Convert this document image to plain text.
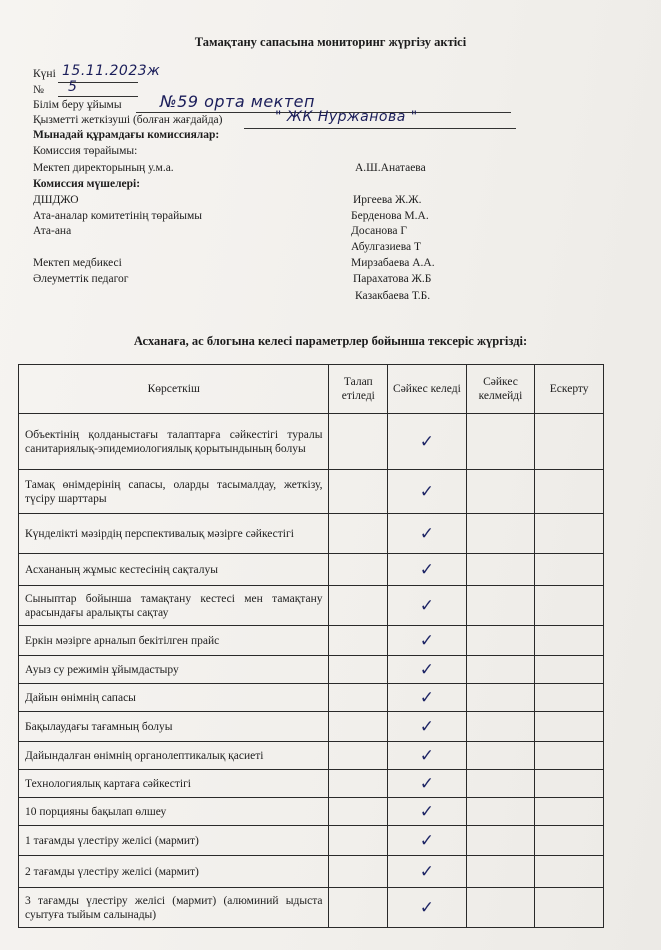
Тамақтану сапасына мониторинг жүргізу актісі
Күні 15.11.2023ж
№ 5
Білім беру ұйымы №59 орта мектеп
Қызметті жеткізуші (болған жағдайда)	" ЖК Нуржанова "
Мынадай құрамдағы комиссиялар:
Комиссия төрайымы:
Мектеп директорының у.м.а.	А.Ш.Анатаева
Комиссия мүшелері:
ДШДЖО	Иргеева Ж.Ж.
Ата-аналар комитетінің төрайымы	Берденова М.А.
Ата-ана	Досанова Г
Абулгазиева Т
Мектеп медбикесі	Мирзабаева А.А.
Әлеуметтік педагог	Парахатова Ж.Б
Казакбаева Т.Б.
Асханаға, ас блогына келесі параметрлер бойынша тексеріс жүргізді:
Көрсеткіш	Талап етіледі	Сәйкес келеді	Сәйкес келмейді	Ескерту
Объектінің қолданыстағы талаптарға сәйкестігі туралы санитариялық-эпидемиологиялық қорытындының болуы		✓		
Тамақ өнімдерінің сапасы, оларды тасымалдау, жеткізу, түсіру шарттары		✓		
Күнделікті мәзірдің перспективалық мәзірге сәйкестігі		✓		
Асхананың жұмыс кестесінің сақталуы		✓		
Сыныптар бойынша тамақтану кестесі мен тамақтану арасындағы аралықты сақтау		✓		
Еркін мәзірге арналып бекітілген прайс		✓		
Ауыз су режимін ұйымдастыру		✓		
Дайын өнімнің сапасы		✓		
Бақылаудағы тағамның болуы		✓		
Дайындалған өнімнің органолептикалық қасиеті		✓		
Технологиялық картаға сәйкестігі		✓		
10 порцияны бақылап өлшеу		✓		
1 тағамды үлестіру желісі (мармит)		✓		
2 тағамды үлестіру желісі (мармит)		✓		
3 тағамды үлестіру желісі (мармит) (алюминий ыдыста суытуға тыйым салынады)		✓		
